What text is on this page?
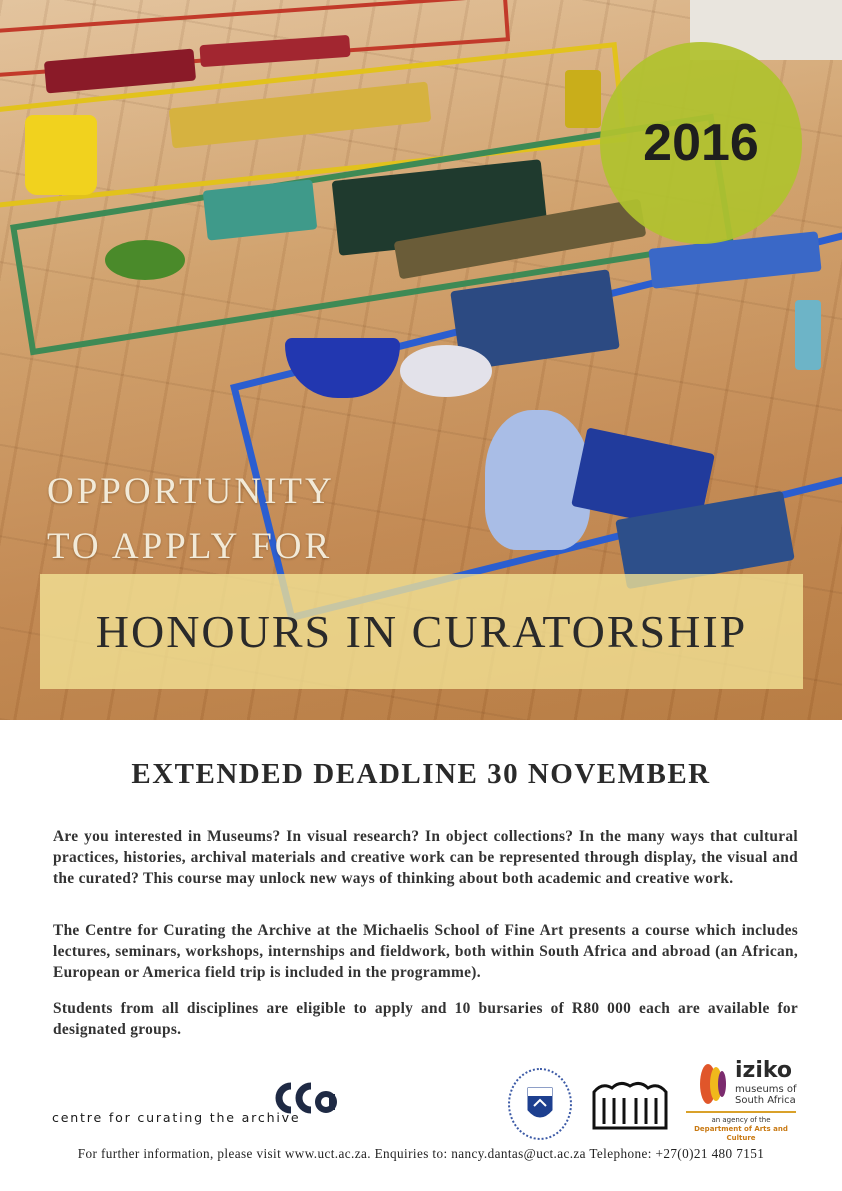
2016
OPPORTUNITY
TO APPLY FOR
HONOURS IN CURATORSHIP
EXTENDED DEADLINE 30 NOVEMBER
Are you interested in Museums? In visual research? In object collections? In the many ways that cultural practices, histories, archival materials and creative work can be represented through display, the visual and the curated? This course may unlock new ways of thinking about both academic and creative work.
The Centre for Curating the Archive at the Michaelis School of Fine Art presents a course which includes lectures, seminars, workshops, internships and fieldwork, both within South Africa and abroad (an African, European or America field trip is included in the programme).
Students from all disciplines are eligible to apply and 10 bursaries of R80 000 each are available for designated groups.
centre for curating the archive
iziko
museums of South Africa
an agency of the
Department of Arts and Culture
For further information, please visit www.uct.ac.za. Enquiries to: nancy.dantas@uct.ac.za Telephone: +27(0)21 480 7151
